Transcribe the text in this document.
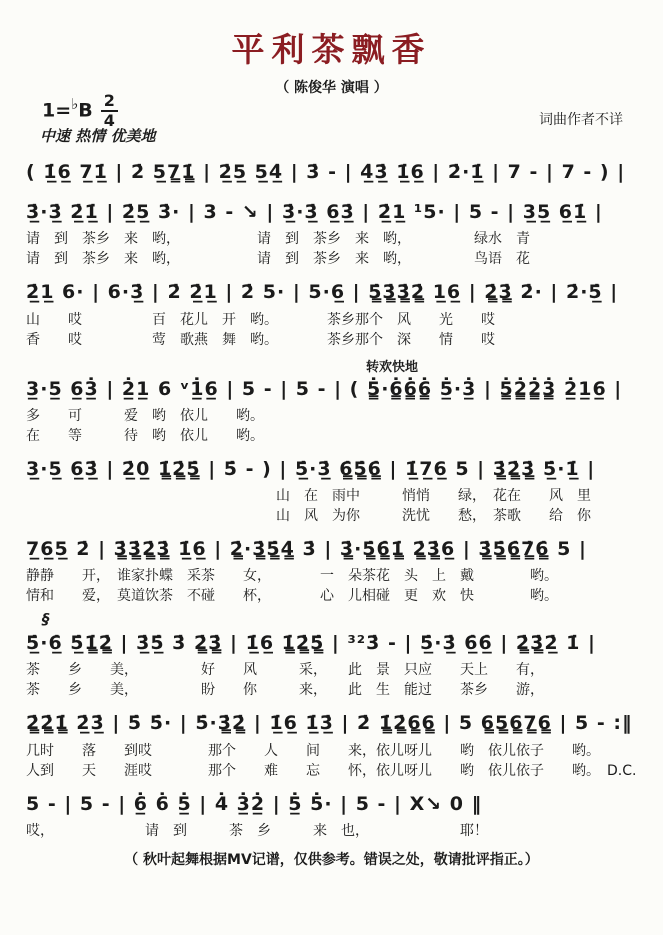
平利茶飘香
（ 陈俊华 演唱 ）
$1=^♭B \frac{2}{4}$
中速 热情 优美地
词曲作者不详
( 1̲̇6̲ 7̲1̲̇ | 2̇ 5̲7̳1̳̇ | 2̲̇5̲ 5̲4̲̇ | 3̇ - | 4̲̇3̲̇ 1̲̇6̲ | 2̇·1̲̇ | 7 - | 7 - ) |
3̲̇·3̲̇ 2̲̇1̲̇ | 2̲̇5̲ 3̇· | 3 - ↘ | 3̲̇·3̲̇ 6̲3̲̇ | 2̲̇1̲ ¹5· | 5 - | 3̲5̲ 6̲1̲̇ |
请　到　茶乡　来　哟，　　　　　　请　到　茶乡　来　哟，　　　　　绿水　青
请　到　茶乡　来　哟，　　　　　　请　到　茶乡　来　哟，　　　　　鸟语　花
2̲̇1̲ 6· | 6·3̲̇ | 2̇ 2̲̇1̲ | 2̇ 5· | 5·6̲ | 5̳̇3̳̇3̳̇2̳̇ 1̲6̲ | 2̳̇3̳̇ 2̇· | 2̇·5̲̇ |
山　　哎　　　　　百　花儿　开　哟。　　　　茶乡那个　风　　光　　哎
香　　哎　　　　　莺　歌燕　舞　哟。　　　　茶乡那个　深　　情　　哎
转欢快地
3̲·5̲ 6̲3̲̇ | 2̲̇1̲ 6 ᵛ1̲̇6̲ | 5 - | 5 - | ( 5̳̇·6̳̇6̳̇6̳̇ 5̲̇·3̲̇ | 5̳̇2̳̇2̳̇3̳̇ 2̲̇1̲6̲ |
多　　可　　　爱　哟　依儿　　哟。
在　　等　　　待　哟　依儿　　哟。
3̲·5̲ 6̲3̲̇ | 2̲̇0̲ 1̳̇2̳̇5̳̇ | 5̇ - ) | 5̲̇·3̲̇ 6̳̇5̳̇6̳̇ | 1̲̇7̲6̲ 5 | 3̳̇2̳̇3̳̇ 5̲̇·1̲̇ |
山　在　雨中　　　悄悄　　绿，　花在　　风　里
山　风　为你　　　洗忧　　愁，　茶歌　　给　你
7̲6̲5̲ 2̇ | 3̳̇3̳̇2̳̇3̳̇ 1̲̇6̲ | 2̳̇·3̳̇5̳̇4̳̇ 3̇ | 3̳̇·5̳̇6̳̇1̳̇ 2̳̇3̳̇6̲ | 3̳̇5̳̇6̳̇7̳̇6̳̇ 5 |
静静　　开，　谁家扑蝶　采茶　　女，　　　　一　朵茶花　头　上　戴　　　　哟。
情和　　爱，　莫道饮茶　不碰　　杯，　　　　心　儿相碰　更　欢　快　　　　哟。
§
5̲̇·6̲̇ 5̲̇1̳̇2̳̇ | 3̲̇5̲̇ 3̇ 2̳̇3̳̇ | 1̲̇6̲ 1̳̇2̳̇5̳̇ | ³²3̇ - | 5̲̇·3̲̇ 6̲̇6̲̇ | 2̳̇3̳̇2̲̇ 1̇ |
茶　　乡　　美，　　　　　好　　风　　　采，　　此　景　只应　　天上　　有，
茶　　乡　　美，　　　　　盼　　你　　　来，　　此　生　能过　　茶乡　　游，
2̳̇2̳̇1̳̇ 2̲̇3̲̇ | 5̇ 5̇· | 5̇·3̳̇2̳̇ | 1̲̇6̲ 1̲̇3̲̇ | 2̇ 1̳̇2̳̇6̳6̳ | 5 6̳5̳6̳7̳6̳ | 5 - :‖
几时　　落　　到哎　　　　那个　　人　　间　　来，依儿呀儿　　哟　依儿依子　　哟。
人到　　天　　涯哎　　　　那个　　难　　忘　　怀，依儿呀儿　　哟　依儿依子　　哟。　D.C.
5 - | 5 - | 6̲̇ 6̇ 5̲̇ | 4̇ 3̲̇2̲̇ | 5̲̇ 5̇· | 5 - | X↘ 0 ‖
哎，　　　　　　　请　到　　　茶　乡　　　来　也，　　　　　　　耶！
（ 秋叶起舞根据MV记谱，仅供参考。错误之处，敬请批评指正。）
